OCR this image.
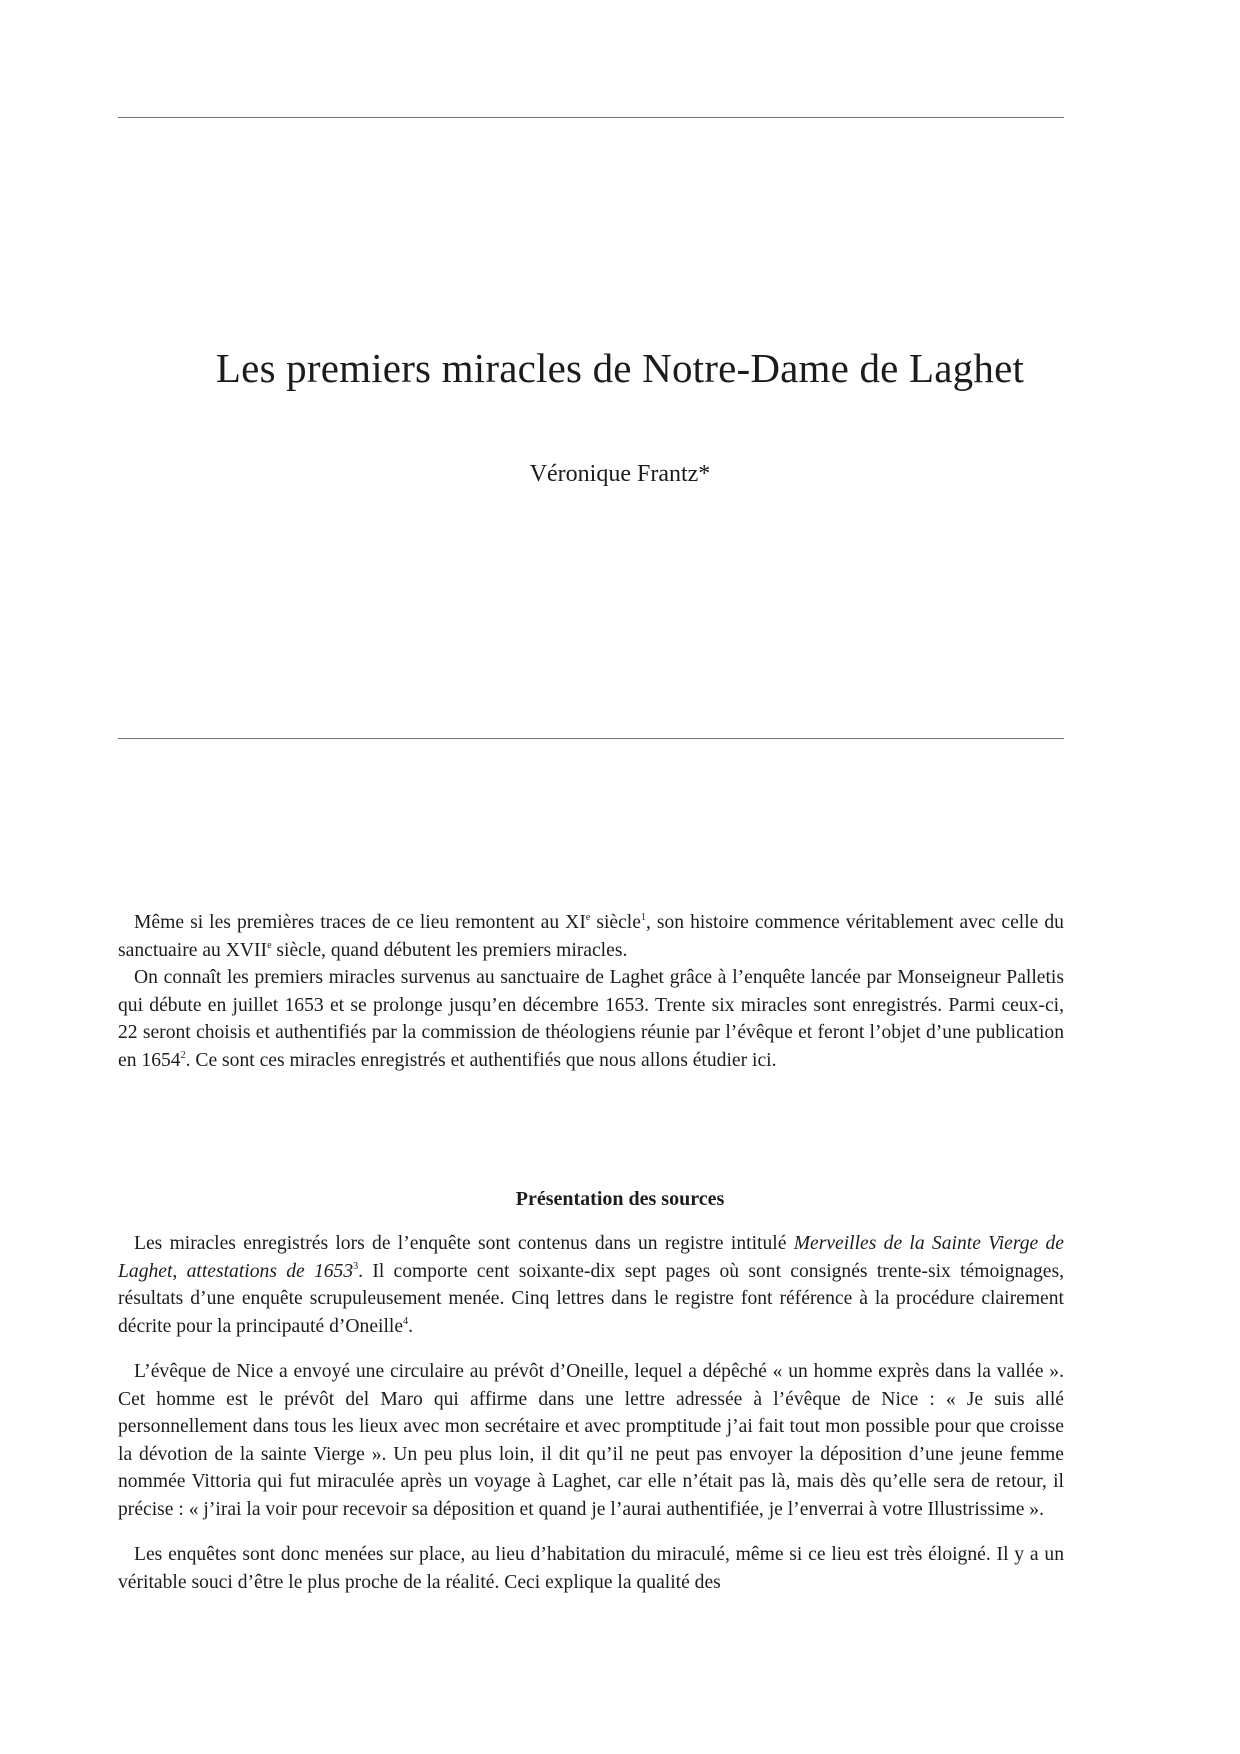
Les premiers miracles de Notre-Dame de Laghet

Véronique Frantz*

Même si les premières traces de ce lieu remontent au XIe siècle$^1$, son histoire commence véritablement avec celle du sanctuaire au XVIIe siècle, quand débutent les premiers miracles.

On connaît les premiers miracles survenus au sanctuaire de Laghet grâce à l’enquête lancée par Monseigneur Palletis qui débute en juillet 1653 et se prolonge jusqu’en décembre 1653. Trente six miracles sont enregistrés. Parmi ceux-ci, 22 seront choisis et authentifiés par la commission de théologiens réunie par l’évêque et feront l’objet d’une publication en 1654$^2$. Ce sont ces miracles enregistrés et authentifiés que nous allons étudier ici.

Présentation des sources

Les miracles enregistrés lors de l’enquête sont contenus dans un registre intitulé Merveilles de la Sainte Vierge de Laghet, attestations de 1653$^3$. Il comporte cent soixante-dix sept pages où sont consignés trente-six témoignages, résultats d’une enquête scrupuleusement menée. Cinq lettres dans le registre font référence à la procédure clairement décrite pour la principauté d’Oneille$^4$.

L’évêque de Nice a envoyé une circulaire au prévôt d’Oneille, lequel a dépêché « un homme exprès dans la vallée ». Cet homme est le prévôt del Maro qui affirme dans une lettre adressée à l’évêque de Nice : « Je suis allé personnellement dans tous les lieux avec mon secrétaire et avec promptitude j’ai fait tout mon possible pour que croisse la dévotion de la sainte Vierge ». Un peu plus loin, il dit qu’il ne peut pas envoyer la déposition d’une jeune femme nommée Vittoria qui fut miraculée après un voyage à Laghet, car elle n’était pas là, mais dès qu’elle sera de retour, il précise : « j’irai la voir pour recevoir sa déposition et quand je l’aurai authentifiée, je l’enverrai à votre Illustrissime ».

Les enquêtes sont donc menées sur place, au lieu d’habitation du miraculé, même si ce lieu est très éloigné. Il y a un véritable souci d’être le plus proche de la réalité. Ceci explique la qualité des
